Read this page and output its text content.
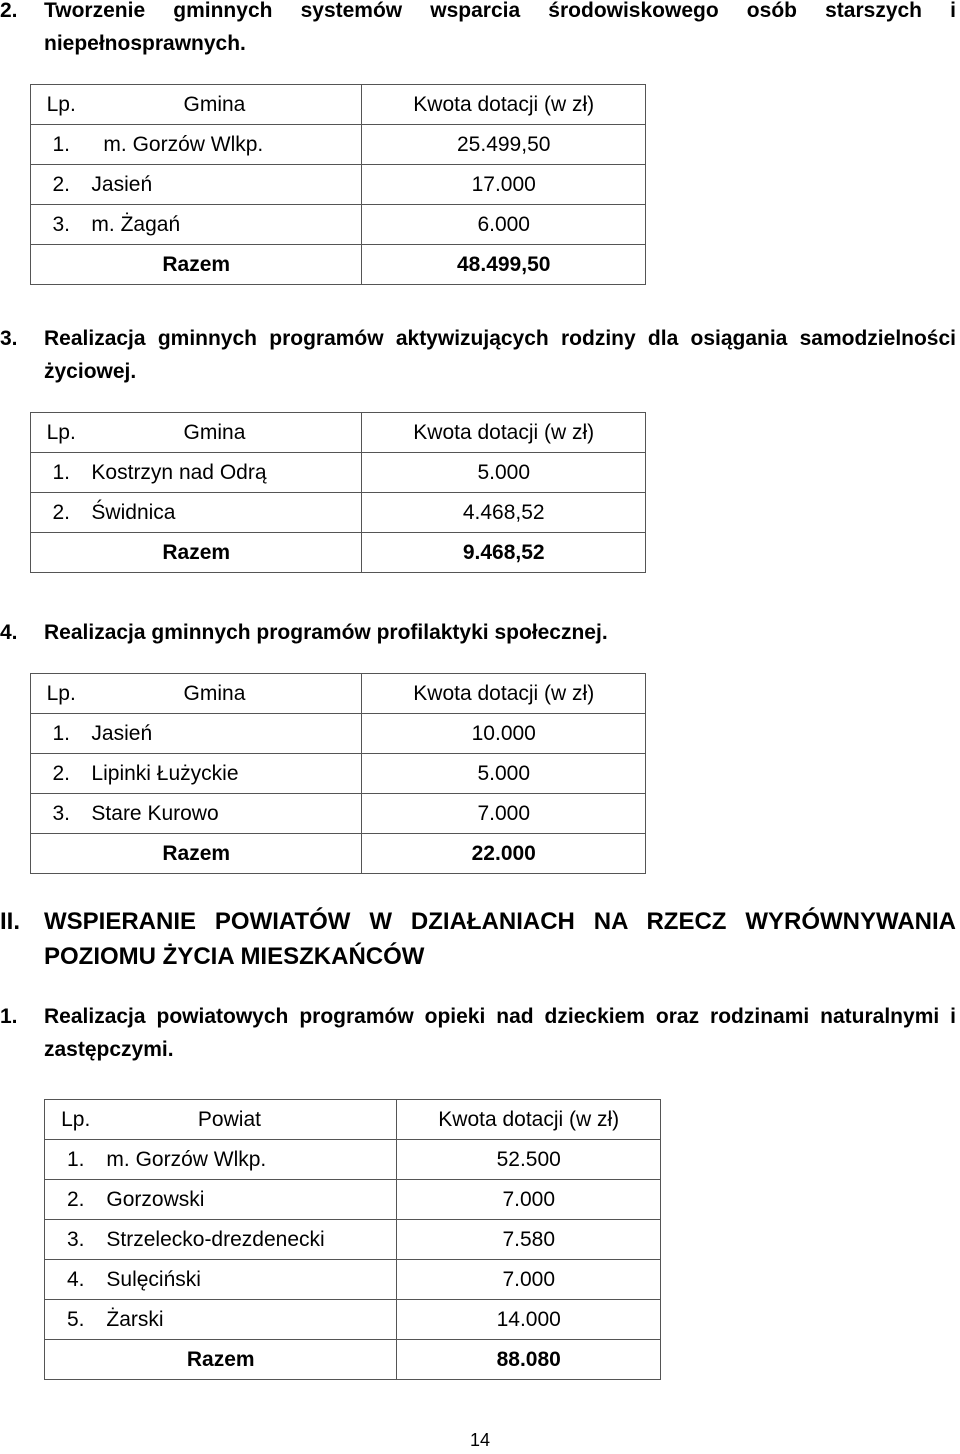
2. Tworzenie gminnych systemów wsparcia środowiskowego osób starszych i niepełnosprawnych.
Lp.	Gmina	Kwota dotacji (w zł)
1.	m. Gorzów Wlkp.	25.499,50
2.	Jasień	17.000
3.	m. Żagań	6.000
Razem		48.499,50
3. Realizacja gminnych programów aktywizujących rodziny dla osiągania samodzielności życiowej.
Lp.	Gmina	Kwota dotacji (w zł)
1.	Kostrzyn nad Odrą	5.000
2.	Świdnica	4.468,52
Razem		9.468,52
4. Realizacja gminnych programów profilaktyki społecznej.
Lp.	Gmina	Kwota dotacji (w zł)
1.	Jasień	10.000
2.	Lipinki Łużyckie	5.000
3.	Stare Kurowo	7.000
Razem		22.000
II. WSPIERANIE POWIATÓW W DZIAŁANIACH NA RZECZ WYRÓWNYWANIA POZIOMU ŻYCIA MIESZKAŃCÓW
1. Realizacja powiatowych programów opieki nad dzieckiem oraz rodzinami naturalnymi i zastępczymi.
Lp.	Powiat	Kwota dotacji (w zł)
1.	m. Gorzów Wlkp.	52.500
2.	Gorzowski	7.000
3.	Strzelecko-drezdenecki	7.580
4.	Sulęciński	7.000
5.	Żarski	14.000
Razem		88.080
14
